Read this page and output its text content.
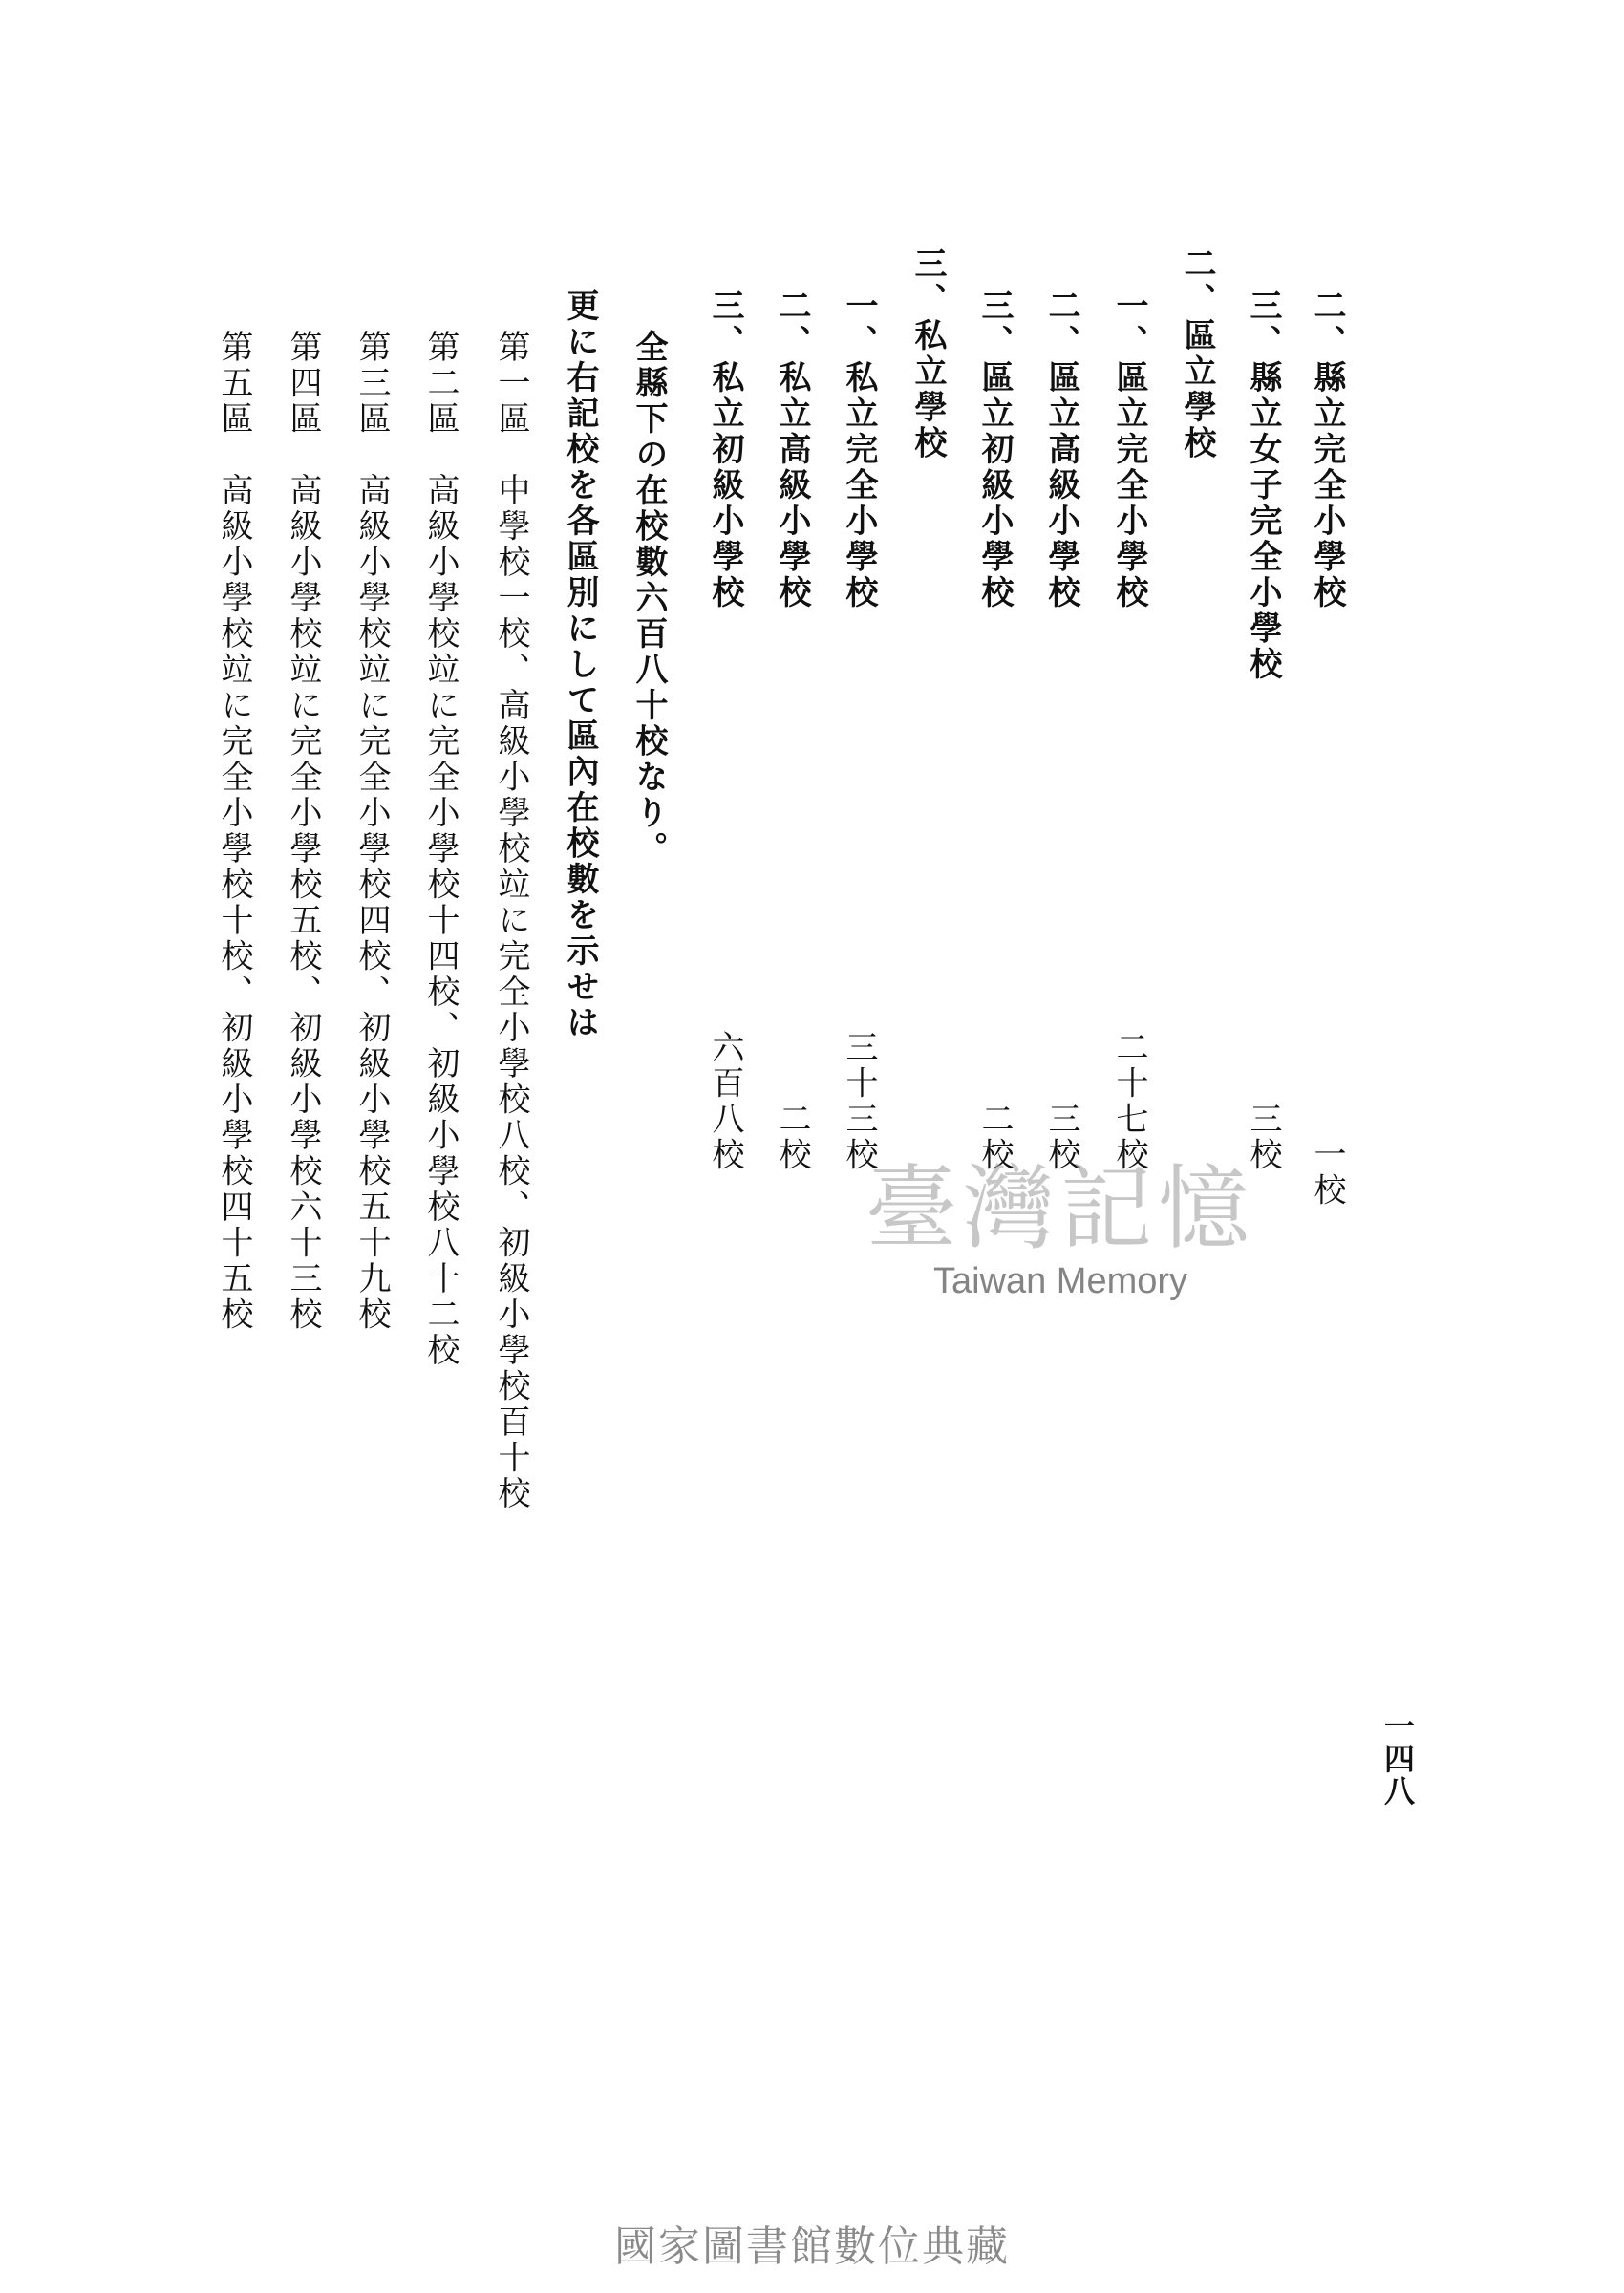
二、縣立完全小學校
三、縣立女子完全小學校
二、區立學校
一、區立完全小學校
二、區立高級小學校
三、區立初級小學校
三、私立學校
一、私立完全小學校
二、私立高級小學校
三、私立初級小學校
全縣下の在校數六百八十校なり。
更に右記校を各區別にして區內在校數を示せは
第一區　中學校一校、高級小學校竝に完全小學校八校、初級小學校百十校
第二區　高級小學校竝に完全小學校十四校、初級小學校八十二校
第三區　高級小學校竝に完全小學校四校、初級小學校五十九校
第四區　高級小學校竝に完全小學校五校、初級小學校六十三校
第五區　高級小學校竝に完全小學校十校、初級小學校四十五校	一校
三校
二十七校
三校
二校
三十三校
二校
六百八校
一四八
臺灣記憶
Taiwan Memory
國家圖書館數位典藏
